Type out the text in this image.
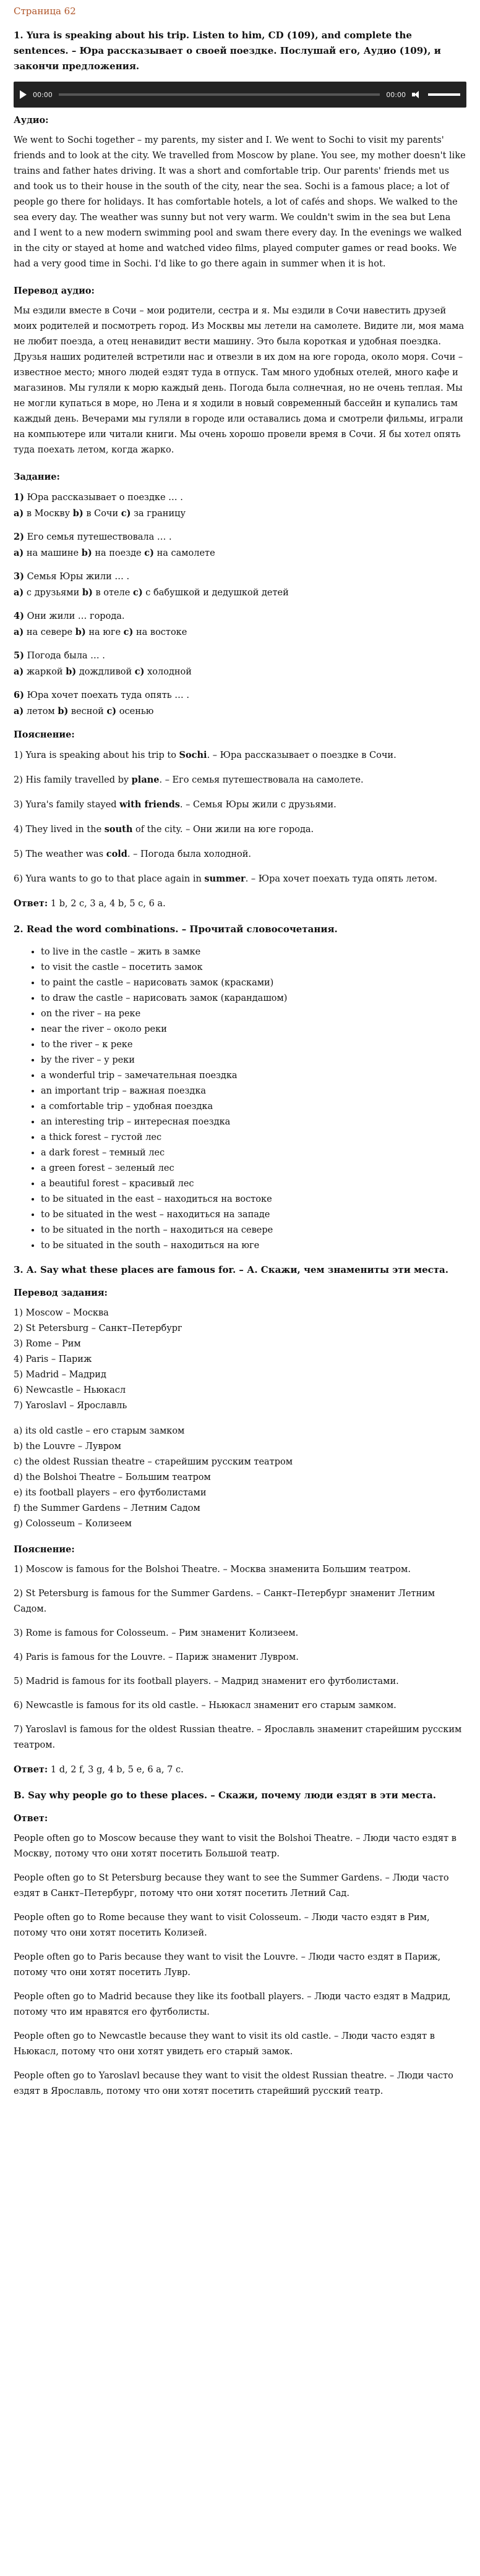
Страница 62
1. Yura is speaking about his trip. Listen to him, CD (109), and complete the sentences. – Юра рассказывает о своей поездке. Послушай его, Аудио (109), и закончи предложения.
00:00	00:00
Аудио:

We went to Sochi together – my parents, my sister and I. We went to Sochi to visit my parents' friends and to look at the city. We travelled from Moscow by plane. You see, my mother doesn't like trains and father hates driving. It was a short and comfortable trip. Our parents' friends met us and took us to their house in the south of the city, near the sea. Sochi is a famous place; a lot of people go there for holidays. It has comfortable hotels, a lot of cafés and shops. We walked to the sea every day. The weather was sunny but not very warm. We couldn't swim in the sea but Lena and I went to a new modern swimming pool and swam there every day. In the evenings we walked in the city or stayed at home and watched video films, played computer games or read books. We had a very good time in Sochi. I'd like to go there again in summer when it is hot.

Перевод аудио:

Мы ездили вместе в Сочи – мои родители, сестра и я. Мы ездили в Сочи навестить друзей моих родителей и посмотреть город. Из Москвы мы летели на самолете. Видите ли, моя мама не любит поезда, а отец ненавидит вести машину. Это была короткая и удобная поездка. Друзья наших родителей встретили нас и отвезли в их дом на юге города, около моря. Сочи – известное место; много людей ездят туда в отпуск. Там много удобных отелей, много кафе и магазинов. Мы гуляли к морю каждый день. Погода была солнечная, но не очень теплая. Мы не могли купаться в море, но Лена и я ходили в новый современный бассейн и купались там каждый день. Вечерами мы гуляли в городе или оставались дома и смотрели фильмы, играли на компьютере или читали книги. Мы очень хорошо провели время в Сочи. Я бы хотел опять туда поехать летом, когда жарко.

Задание:
1) Юра рассказывает о поездке … .
a) в Москву b) в Сочи c) за границу
2) Его семья путешествовала … .
a) на машине b) на поезде c) на самолете
3) Семья Юры жили … .
a) с друзьями b) в отеле c) с бабушкой и дедушкой детей
4) Они жили … города.
a) на севере b) на юге c) на востоке
5) Погода была … .
a) жаркой b) дождливой c) холодной
6) Юра хочет поехать туда опять … .
a) летом b) весной c) осенью
Пояснение:

1) Yura is speaking about his trip to Sochi. – Юра рассказывает о поездке в Сочи.

2) His family travelled by plane. – Его семья путешествовала на самолете.

3) Yura's family stayed with friends. – Семья Юры жили с друзьями.

4) They lived in the south of the city. – Они жили на юге города.

5) The weather was cold. – Погода была холодной.

6) Yura wants to go to that place again in summer. – Юра хочет поехать туда опять летом.

Ответ: 1 b, 2 c, 3 a, 4 b, 5 c, 6 a.
2. Read the word combinations. – Прочитай словосочетания.
• to live in the castle – жить в замке
• to visit the castle – посетить замок
• to paint the castle – нарисовать замок (красками)
• to draw the castle – нарисовать замок (карандашом)
• on the river – на реке
• near the river – около реки
• to the river – к реке
• by the river – у реки
• a wonderful trip – замечательная поездка
• an important trip – важная поездка
• a comfortable trip – удобная поездка
• an interesting trip – интересная поездка
• a thick forest – густой лес
• a dark forest – темный лес
• a green forest – зеленый лес
• a beautiful forest – красивый лес
• to be situated in the east – находиться на востоке
• to be situated in the west – находиться на западе
• to be situated in the north – находиться на севере
• to be situated in the south – находиться на юге
3. A. Say what these places are famous for. – А. Скажи, чем знамениты эти места.
Перевод задания:
1) Moscow – Москва
2) St Petersburg – Санкт–Петербург
3) Rome – Рим
4) Paris – Париж
5) Madrid – Мадрид
6) Newcastle – Ньюкасл
7) Yaroslavl – Ярославль
a) its old castle – его старым замком
b) the Louvre – Лувром
c) the oldest Russian theatre – старейшим русским театром
d) the Bolshoi Theatre – Большим театром
e) its football players – его футболистами
f) the Summer Gardens – Летним Садом
g) Colosseum – Колизеем
Пояснение:

1) Moscow is famous for the Bolshoi Theatre. – Москва знаменита Большим театром.

2) St Petersburg is famous for the Summer Gardens. – Санкт–Петербург знаменит Летним Садом.

3) Rome is famous for Colosseum. – Рим знаменит Колизеем.

4) Paris is famous for the Louvre. – Париж знаменит Лувром.

5) Madrid is famous for its football players. – Мадрид знаменит его футболистами.

6) Newcastle is famous for its old castle. – Ньюкасл знаменит его старым замком.

7) Yaroslavl is famous for the oldest Russian theatre. – Ярославль знаменит старейшим русским театром.

Ответ: 1 d, 2 f, 3 g, 4 b, 5 e, 6 a, 7 c.
B. Say why people go to these places. – Скажи, почему люди ездят в эти места.
Ответ:

People often go to Moscow because they want to visit the Bolshoi Theatre. – Люди часто ездят в Москву, потому что они хотят посетить Большой театр.

People often go to St Petersburg because they want to see the Summer Gardens. – Люди часто ездят в Санкт–Петербург, потому что они хотят посетить Летний Сад.

People often go to Rome because they want to visit Colosseum. – Люди часто ездят в Рим, потому что они хотят посетить Колизей.

People often go to Paris because they want to visit the Louvre. – Люди часто ездят в Париж, потому что они хотят посетить Лувр.

People often go to Madrid because they like its football players. – Люди часто ездят в Мадрид, потому что им нравятся его футболисты.

People often go to Newcastle because they want to visit its old castle. – Люди часто ездят в Ньюкасл, потому что они хотят увидеть его старый замок.

People often go to Yaroslavl because they want to visit the oldest Russian theatre. – Люди часто ездят в Ярославль, потому что они хотят посетить старейший русский театр.
